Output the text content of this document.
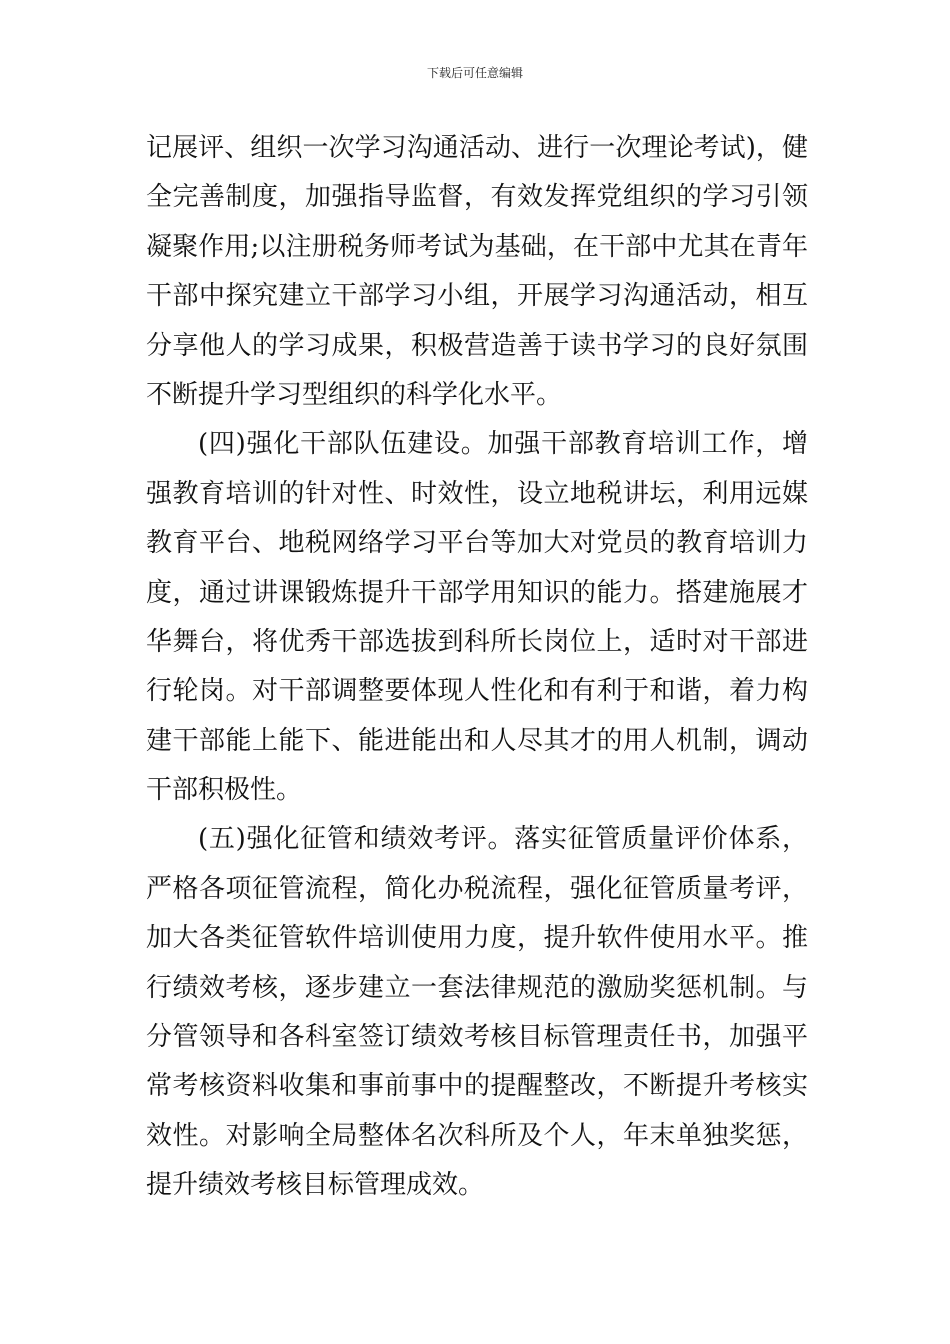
下载后可任意编辑
记展评、组织一次学习沟通活动、进行一次理论考试)，健
全完善制度，加强指导监督，有效发挥党组织的学习引领
凝聚作用;以注册税务师考试为基础，在干部中尤其在青年
干部中探究建立干部学习小组，开展学习沟通活动，相互
分享他人的学习成果，积极营造善于读书学习的良好氛围
不断提升学习型组织的科学化水平。
(四)强化干部队伍建设。加强干部教育培训工作，增
强教育培训的针对性、时效性，设立地税讲坛，利用远媒
教育平台、地税网络学习平台等加大对党员的教育培训力
度，通过讲课锻炼提升干部学用知识的能力。搭建施展才
华舞台，将优秀干部选拔到科所长岗位上，适时对干部进
行轮岗。对干部调整要体现人性化和有利于和谐，着力构
建干部能上能下、能进能出和人尽其才的用人机制，调动
干部积极性。
(五)强化征管和绩效考评。落实征管质量评价体系，
严格各项征管流程，简化办税流程，强化征管质量考评，
加大各类征管软件培训使用力度，提升软件使用水平。推
行绩效考核，逐步建立一套法律规范的激励奖惩机制。与
分管领导和各科室签订绩效考核目标管理责任书，加强平
常考核资料收集和事前事中的提醒整改，不断提升考核实
效性。对影响全局整体名次科所及个人，年末单独奖惩，
提升绩效考核目标管理成效。
